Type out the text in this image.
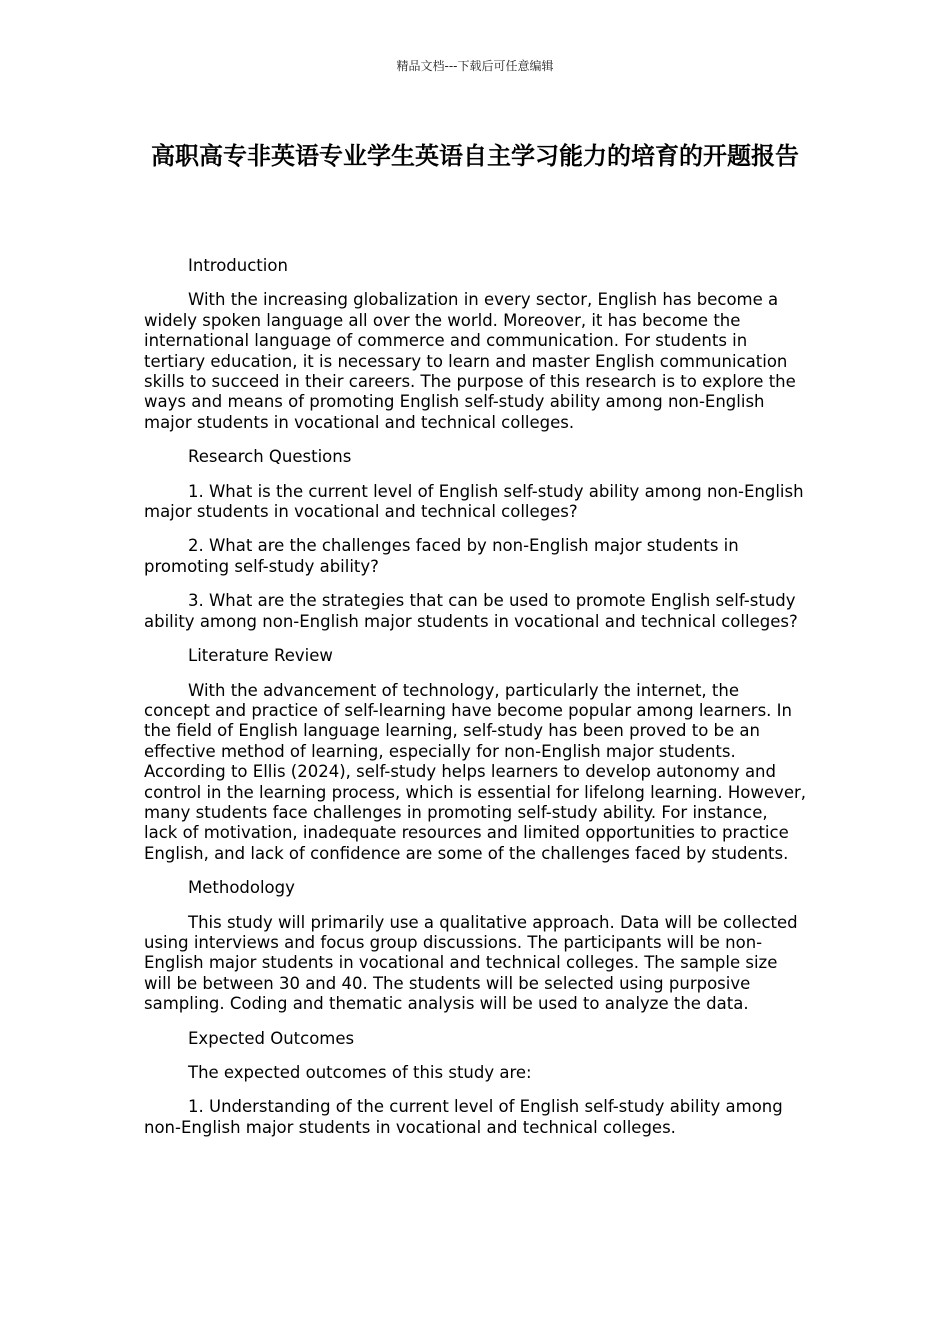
精品文档---下载后可任意编辑
高职高专非英语专业学生英语自主学习能力的培育的开题报告

Introduction

With the increasing globalization in every sector, English has become a widely spoken language all over the world. Moreover, it has become the international language of commerce and communication. For students in tertiary education, it is necessary to learn and master English communication skills to succeed in their careers. The purpose of this research is to explore the ways and means of promoting English self-study ability among non-English major students in vocational and technical colleges.

Research Questions

1. What is the current level of English self-study ability among non-English major students in vocational and technical colleges?

2. What are the challenges faced by non-English major students in promoting self-study ability?

3. What are the strategies that can be used to promote English self-study ability among non-English major students in vocational and technical colleges?

Literature Review

With the advancement of technology, particularly the internet, the concept and practice of self-learning have become popular among learners. In the field of English language learning, self-study has been proved to be an effective method of learning, especially for non-English major students. According to Ellis (2024), self-study helps learners to develop autonomy and control in the learning process, which is essential for lifelong learning. However, many students face challenges in promoting self-study ability. For instance, lack of motivation, inadequate resources and limited opportunities to practice English, and lack of confidence are some of the challenges faced by students.

Methodology

This study will primarily use a qualitative approach. Data will be collected using interviews and focus group discussions. The participants will be non-English major students in vocational and technical colleges. The sample size will be between 30 and 40. The students will be selected using purposive sampling. Coding and thematic analysis will be used to analyze the data.

Expected Outcomes

The expected outcomes of this study are:

1. Understanding of the current level of English self-study ability among non-English major students in vocational and technical colleges.
